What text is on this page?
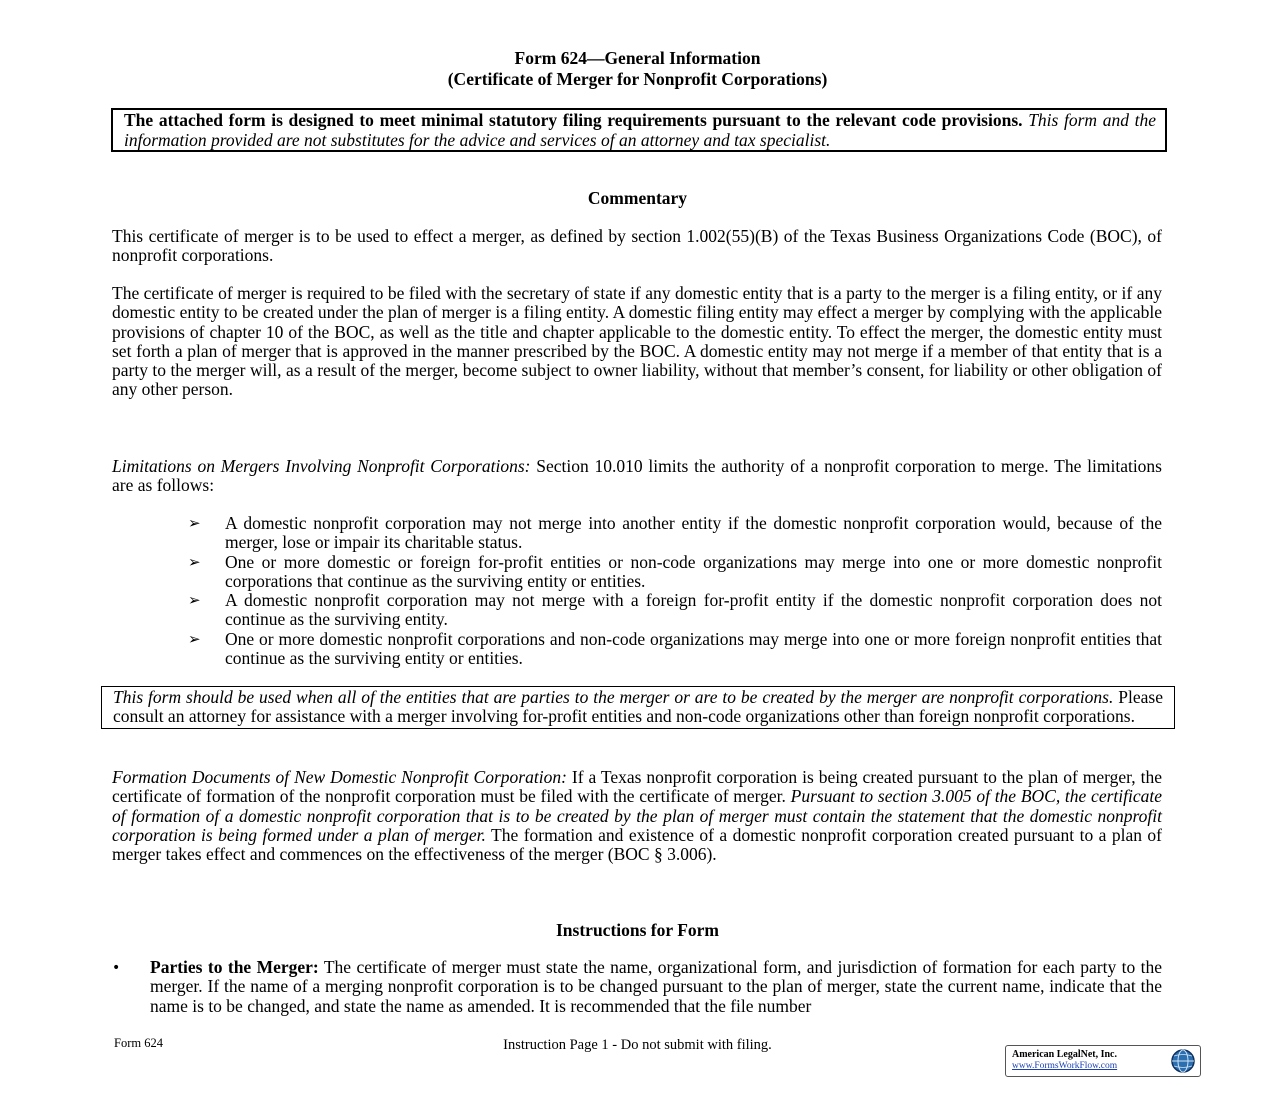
Form 624—General Information
(Certificate of Merger for Nonprofit Corporations)
The attached form is designed to meet minimal statutory filing requirements pursuant to the relevant code provisions. This form and the information provided are not substitutes for the advice and services of an attorney and tax specialist.
Commentary
This certificate of merger is to be used to effect a merger, as defined by section 1.002(55)(B) of the Texas Business Organizations Code (BOC), of nonprofit corporations.
The certificate of merger is required to be filed with the secretary of state if any domestic entity that is a party to the merger is a filing entity, or if any domestic entity to be created under the plan of merger is a filing entity. A domestic filing entity may effect a merger by complying with the applicable provisions of chapter 10 of the BOC, as well as the title and chapter applicable to the domestic entity. To effect the merger, the domestic entity must set forth a plan of merger that is approved in the manner prescribed by the BOC. A domestic entity may not merge if a member of that entity that is a party to the merger will, as a result of the merger, become subject to owner liability, without that member’s consent, for liability or other obligation of any other person.
Limitations on Mergers Involving Nonprofit Corporations: Section 10.010 limits the authority of a nonprofit corporation to merge. The limitations are as follows:
➢ A domestic nonprofit corporation may not merge into another entity if the domestic nonprofit corporation would, because of the merger, lose or impair its charitable status.
➢ One or more domestic or foreign for-profit entities or non-code organizations may merge into one or more domestic nonprofit corporations that continue as the surviving entity or entities.
➢ A domestic nonprofit corporation may not merge with a foreign for-profit entity if the domestic nonprofit corporation does not continue as the surviving entity.
➢ One or more domestic nonprofit corporations and non-code organizations may merge into one or more foreign nonprofit entities that continue as the surviving entity or entities.
This form should be used when all of the entities that are parties to the merger or are to be created by the merger are nonprofit corporations. Please consult an attorney for assistance with a merger involving for-profit entities and non-code organizations other than foreign nonprofit corporations.
Formation Documents of New Domestic Nonprofit Corporation: If a Texas nonprofit corporation is being created pursuant to the plan of merger, the certificate of formation of the nonprofit corporation must be filed with the certificate of merger. Pursuant to section 3.005 of the BOC, the certificate of formation of a domestic nonprofit corporation that is to be created by the plan of merger must contain the statement that the domestic nonprofit corporation is being formed under a plan of merger. The formation and existence of a domestic nonprofit corporation created pursuant to a plan of merger takes effect and commences on the effectiveness of the merger (BOC § 3.006).
Instructions for Form
• Parties to the Merger: The certificate of merger must state the name, organizational form, and jurisdiction of formation for each party to the merger. If the name of a merging nonprofit corporation is to be changed pursuant to the plan of merger, state the current name, indicate that the name is to be changed, and state the name as amended. It is recommended that the file number
Form 624	Instruction Page 1 - Do not submit with filing.
American LegalNet, Inc.
www.FormsWorkFlow.com
